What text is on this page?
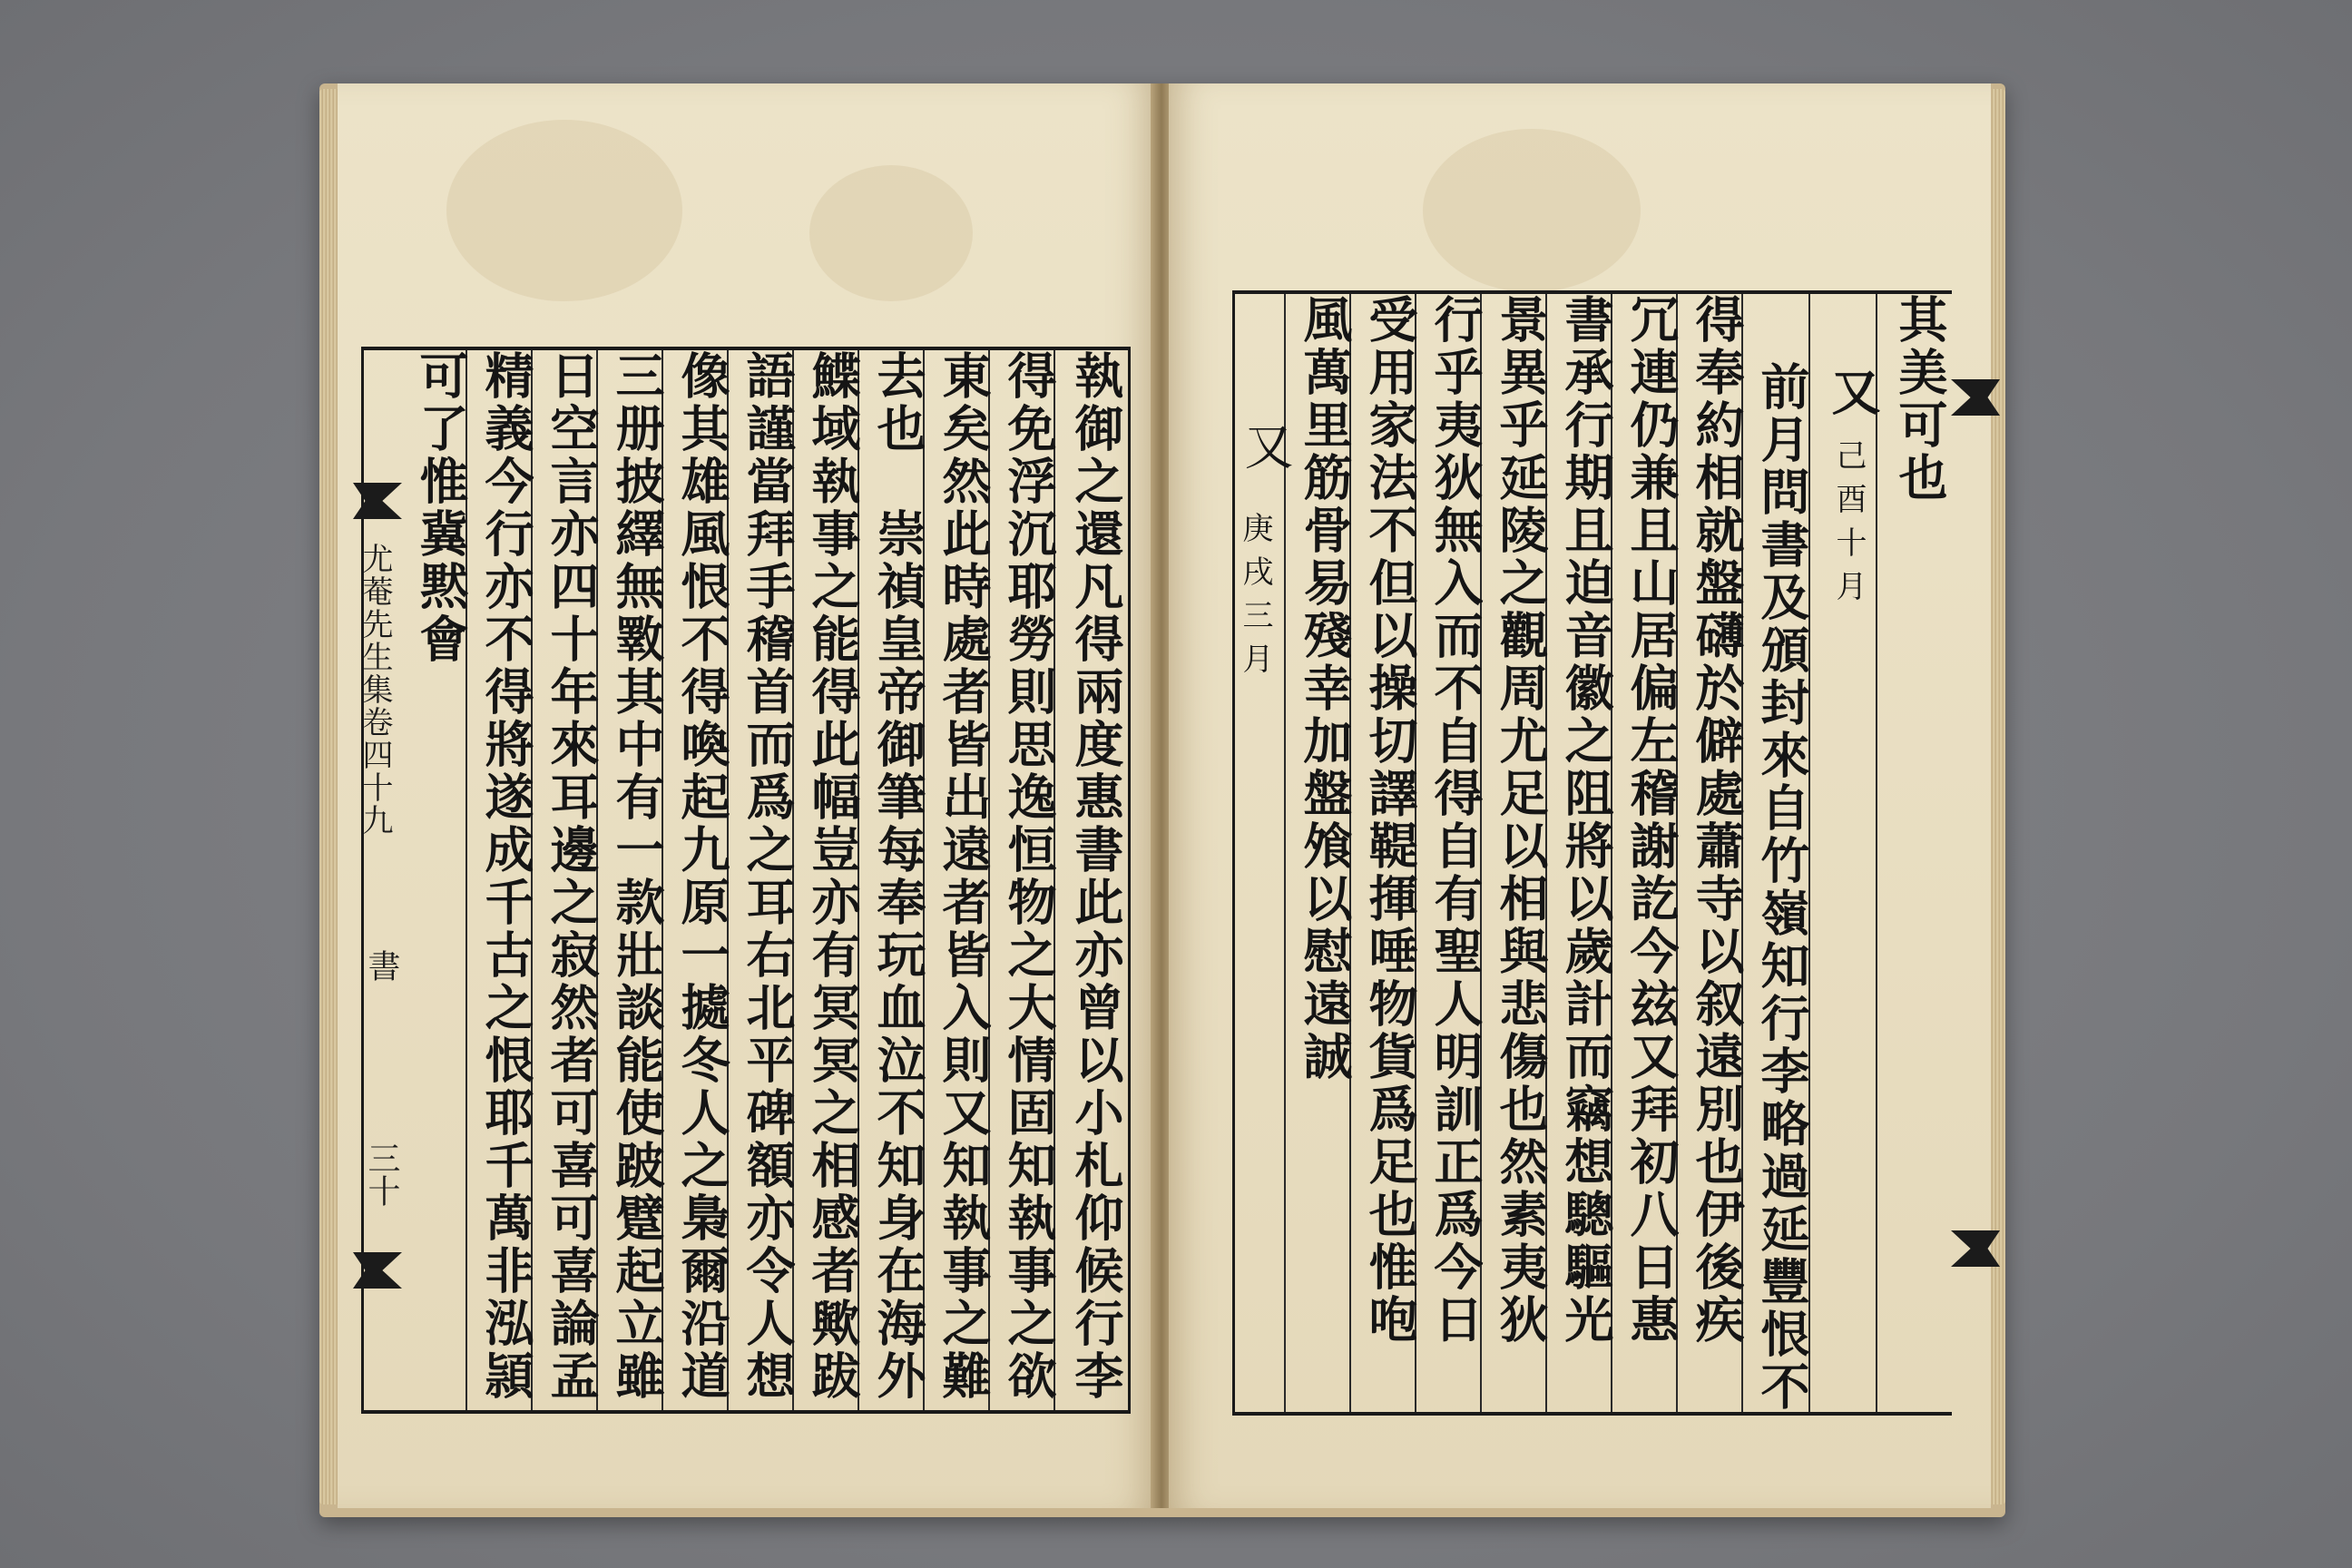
執御之還凡得兩度惠書此亦曾以小札仰候行李
得免浮沉耶勞則思逸恒物之大情固知執事之欲
東矣然此時處者皆出遠者皆入則又知執事之難
去也　崇禎皇帝御筆每奉玩血泣不知身在海外
鰈域執事之能得此幅豈亦有冥冥之相感者歟跋
語謹當拜手稽首而爲之耳右北平碑額亦令人想
像其雄風恨不得喚起九原一㨿冬人之梟爾沿道
三册披繹無斁其中有一款壯談能使跛躄起立雖
日空言亦四十年來耳邊之寂然者可喜可喜論孟
精義今行亦不得將遂成千古之恨耶千萬非泓頴
可了惟冀黙會
尤菴先生集卷四十九
書
三十
其美可也
又
己酉十月
前月問書及頒封來自竹嶺知行李略過延豐恨不
得奉約相就盤礴於僻處蕭寺以叙遠別也伊後疾
冗連仍兼且山居偏左稽謝訖今玆又拜初八日惠
書承行期且迫音徽之阻將以歲計而竊想驄驅光
景異乎延陵之觀周尤足以相與悲傷也然素夷狄
行乎夷狄無入而不自得自有聖人明訓正爲今日
受用家法不但以操切譯鞮揮唾物貨爲足也惟咆
風萬里筋骨易殘幸加盤飧以慰遠誠
又
庚戌三月
